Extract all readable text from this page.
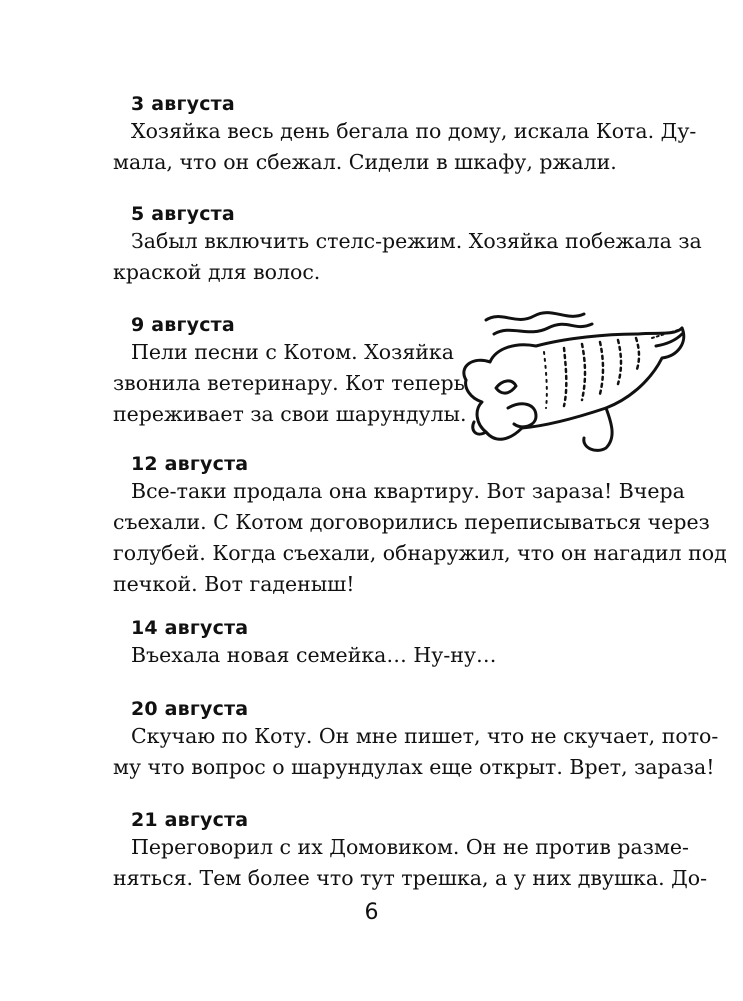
3 августа
Хозяйка весь день бегала по дому, искала Кота. Ду-
мала, что он сбежал. Сидели в шкафу, ржали.
5 августа
Забыл включить стелс-режим. Хозяйка побежала за
краской для волос.
9 августа
Пели песни с Котом. Хозяйка
звонила ветеринару. Кот теперь
переживает за свои шарундулы.
12 августа
Все-таки продала она квартиру. Вот зараза! Вчера
съехали. С Котом договорились переписываться через
голубей. Когда съехали, обнаружил, что он нагадил под
печкой. Вот гаденыш!
14 августа
Въехала новая семейка… Ну-ну…
20 августа
Скучаю по Коту. Он мне пишет, что не скучает, пото-
му что вопрос о шарундулах еще открыт. Врет, зараза!
21 августа
Переговорил с их Домовиком. Он не против разме-
няться. Тем более что тут трешка, а у них двушка. До-
6
